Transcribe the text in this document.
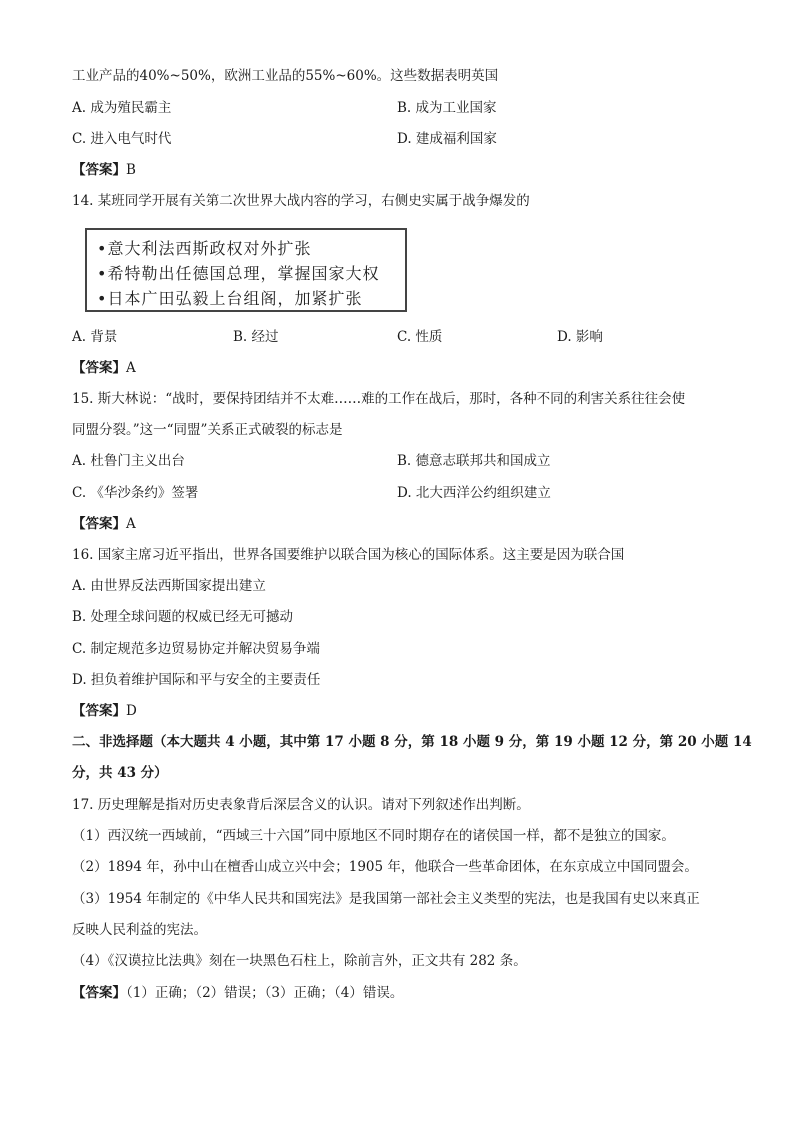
工业产品的40%~50%，欧洲工业品的55%~60%。这些数据表明英国
A. 成为殖民霸主	B. 成为工业国家
C. 进入电气时代	D. 建成福利国家
【答案】B
14. 某班同学开展有关第二次世界大战内容的学习，右侧史实属于战争爆发的
•意大利法西斯政权对外扩张
•希特勒出任德国总理，掌握国家大权
•日本广田弘毅上台组阁，加紧扩张
A. 背景	B. 经过	C. 性质	D. 影响
【答案】A
15. 斯大林说：“战时，要保持团结并不太难……难的工作在战后，那时，各种不同的利害关系往往会使
同盟分裂。”这一“同盟”关系正式破裂的标志是
A. 杜鲁门主义出台	B. 德意志联邦共和国成立
C. 《华沙条约》签署	D. 北大西洋公约组织建立
【答案】A
16. 国家主席习近平指出，世界各国要维护以联合国为核心的国际体系。这主要是因为联合国
A. 由世界反法西斯国家提出建立
B. 处理全球问题的权威已经无可撼动
C. 制定规范多边贸易协定并解决贸易争端
D. 担负着维护国际和平与安全的主要责任
【答案】D
二、非选择题（本大题共 4 小题，其中第 17 小题 8 分，第 18 小题 9 分，第 19 小题 12 分，第 20 小题 14
分，共 43 分）
17. 历史理解是指对历史表象背后深层含义的认识。请对下列叙述作出判断。
（1）西汉统一西域前，“西域三十六国”同中原地区不同时期存在的诸侯国一样，都不是独立的国家。
（2）1894 年，孙中山在檀香山成立兴中会；1905 年，他联合一些革命团体，在东京成立中国同盟会。
（3）1954 年制定的《中华人民共和国宪法》是我国第一部社会主义类型的宪法，也是我国有史以来真正
反映人民利益的宪法。
（4）《汉谟拉比法典》刻在一块黑色石柱上，除前言外，正文共有 282 条。
【答案】（1）正确；（2）错误；（3）正确；（4）错误。
